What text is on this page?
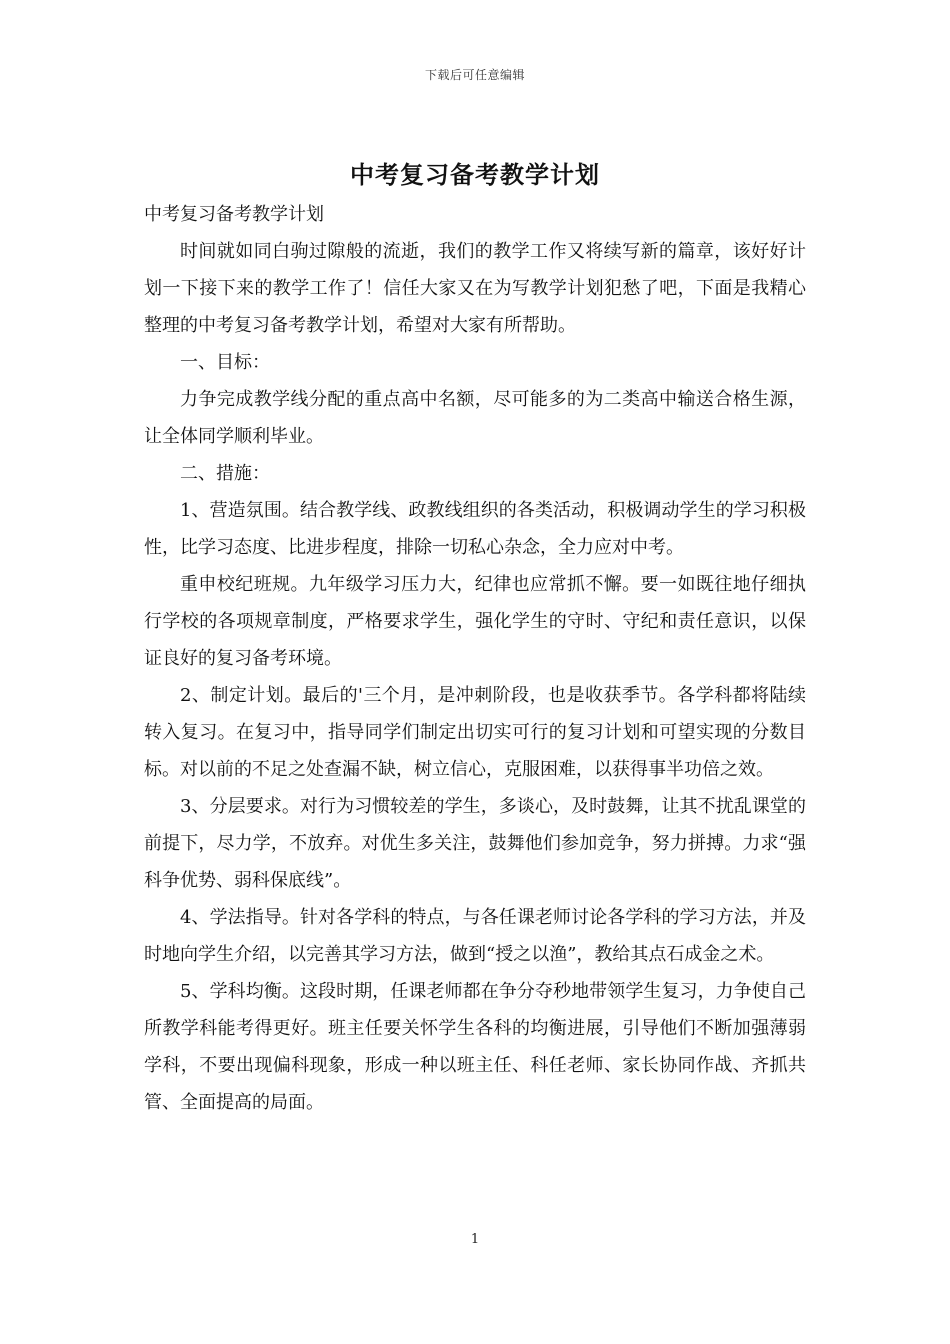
下载后可任意编辑
中考复习备考教学计划

中考复习备考教学计划

时间就如同白驹过隙般的流逝，我们的教学工作又将续写新的篇章，该好好计划一下接下来的教学工作了！信任大家又在为写教学计划犯愁了吧，下面是我精心整理的中考复习备考教学计划，希望对大家有所帮助。

一、目标：

力争完成教学线分配的重点高中名额，尽可能多的为二类高中输送合格生源，让全体同学顺利毕业。

二、措施：

1、营造氛围。结合教学线、政教线组织的各类活动，积极调动学生的学习积极性，比学习态度、比进步程度，排除一切私心杂念，全力应对中考。

重申校纪班规。九年级学习压力大，纪律也应常抓不懈。要一如既往地仔细执行学校的各项规章制度，严格要求学生，强化学生的守时、守纪和责任意识，以保证良好的复习备考环境。

2、制定计划。最后的'三个月，是冲刺阶段，也是收获季节。各学科都将陆续转入复习。在复习中，指导同学们制定出切实可行的复习计划和可望实现的分数目标。对以前的不足之处查漏不缺，树立信心，克服困难，以获得事半功倍之效。

3、分层要求。对行为习惯较差的学生，多谈心，及时鼓舞，让其不扰乱课堂的前提下，尽力学，不放弃。对优生多关注，鼓舞他们参加竞争，努力拼搏。力求“强科争优势、弱科保底线”。

4、学法指导。针对各学科的特点，与各任课老师讨论各学科的学习方法，并及时地向学生介绍，以完善其学习方法，做到“授之以渔”，教给其点石成金之术。

5、学科均衡。这段时期，任课老师都在争分夺秒地带领学生复习，力争使自己所教学科能考得更好。班主任要关怀学生各科的均衡进展，引导他们不断加强薄弱学科，不要出现偏科现象，形成一种以班主任、科任老师、家长协同作战、齐抓共管、全面提高的局面。

1
